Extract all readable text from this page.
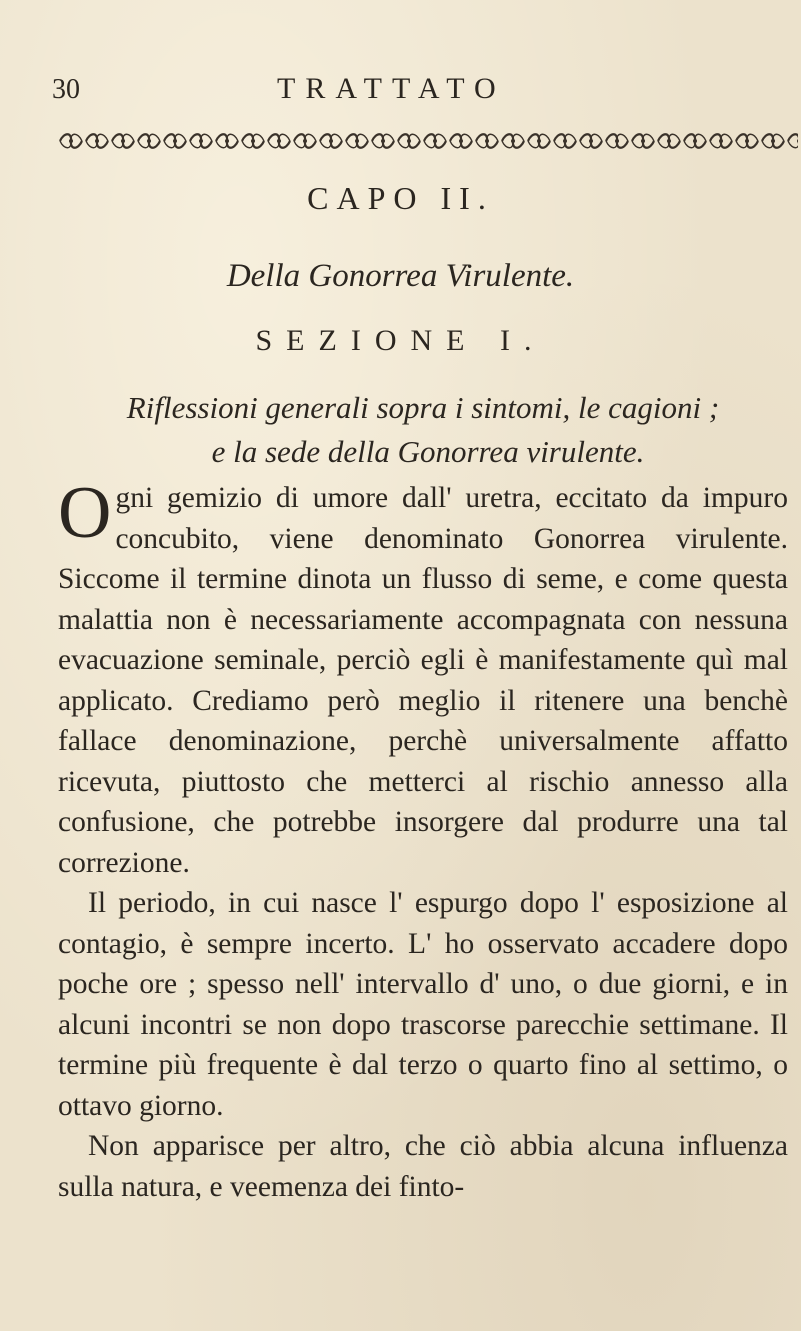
30	TRATTATO
CAPO II.
Della Gonorrea Virulente.
SEZIONE I.
Riflessioni generali sopra i sintomi, le cagioni ;
e la sede della Gonorrea virulente.

Ogni gemizio di umore dall' uretra, eccitato da impuro concubito, viene denominato Gonorrea virulente. Siccome il termine dinota un flusso di seme, e come questa malattia non è necessariamente accompagnata con nessuna evacuazione seminale, perciò egli è manifestamente quì mal applicato. Crediamo però meglio il ritenere una benchè fallace denominazione, perchè universalmente affatto ricevuta, piuttosto che metterci al rischio annesso alla confusione, che potrebbe insorgere dal produrre una tal correzione.

Il periodo, in cui nasce l' espurgo dopo l' esposizione al contagio, è sempre incerto. L' ho osservato accadere dopo poche ore ; spesso nell' intervallo d' uno, o due giorni, e in alcuni incontri se non dopo trascorse parecchie settimane. Il termine più frequente è dal terzo o quarto fino al settimo, o ottavo giorno.

Non apparisce per altro, che ciò abbia alcuna influenza sulla natura, e veemenza dei finto-
